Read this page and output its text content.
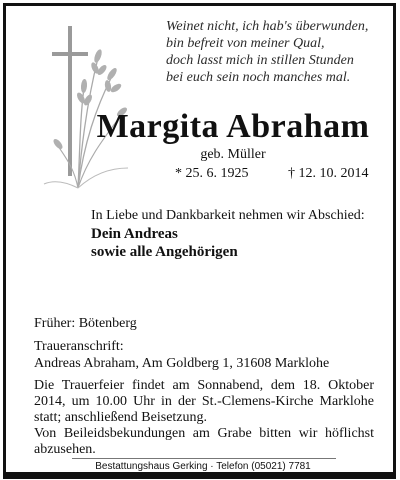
Weinet nicht, ich hab's überwunden,
bin befreit von meiner Qual,
doch lasst mich in stillen Stunden
bei euch sein noch manches mal.
Margita Abraham
geb. Müller
* 25. 6. 1925	† 12. 10. 2014
In Liebe und Dankbarkeit nehmen wir Abschied:
Dein Andreas
sowie alle Angehörigen
Früher: Bötenberg
Traueranschrift:
Andreas Abraham, Am Goldberg 1, 31608 Marklohe
Die Trauerfeier findet am Sonnabend, dem 18. Oktober 2014, um 10.00 Uhr in der St.-Clemens-Kirche Marklohe statt; anschließend Beisetzung.
Von Beileidsbekundungen am Grabe bitten wir höflichst abzusehen.
Bestattungshaus Gerking · Telefon (05021) 7781
